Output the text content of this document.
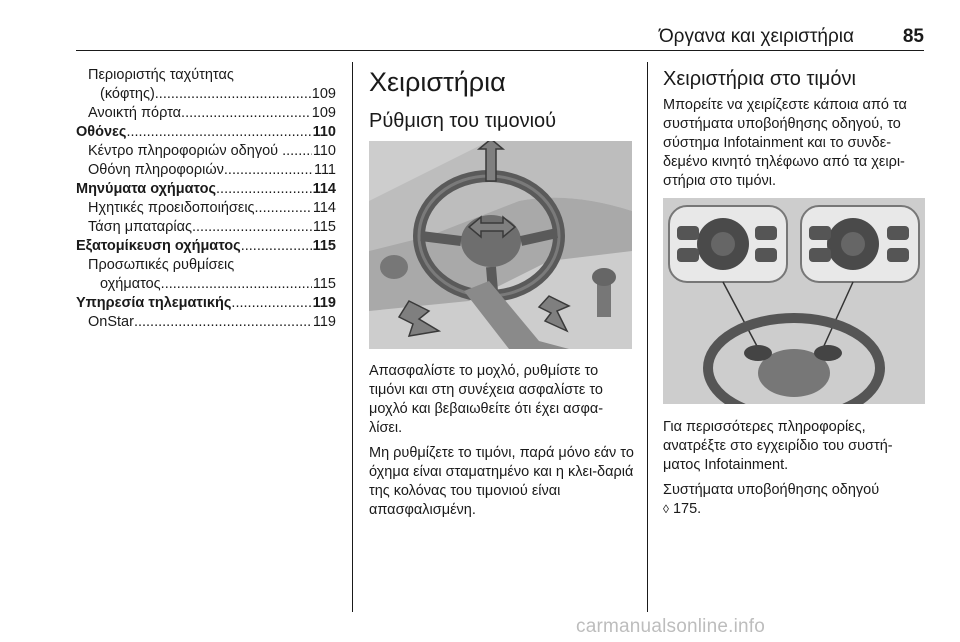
Όργανα και χειριστήρια	85
Περιοριστής ταχύτητας
(κόφτης) .....	109
Ανοικτή πόρτα .....	109
Οθόνες .....	110
Κέντρο πληροφοριών οδηγού . ..... 110
Οθόνη πληροφοριών .....	111
Μηνύματα οχήματος .....	114
Ηχητικές προειδοποιήσεις .....	114
Τάση μπαταρίας .....	115
Εξατομίκευση οχήματος .....	115
Προσωπικές ρυθμίσεις
οχήματος .....	115
Υπηρεσία τηλεματικής .....	119
OnStar .....	119
Χειριστήρια
Ρύθμιση του τιμονιού

Απασφαλίστε το μοχλό, ρυθμίστε το τιμόνι και στη συνέχεια ασφαλίστε το μοχλό και βεβαιωθείτε ότι έχει ασφα-λίσει.

Μη ρυθμίζετε το τιμόνι, παρά μόνο εάν το όχημα είναι σταματημένο και η κλει-δαριά της κολόνας του τιμονιού είναι απασφαλισμένη.

Χειριστήρια στο τιμόνι

Μπορείτε να χειρίζεστε κάποια από τα συστήματα υποβοήθησης οδηγού, το σύστημα Infotainment και το συνδε-δεμένο κινητό τηλέφωνο από τα χειρι-στήρια στο τιμόνι.

Για περισσότερες πληροφορίες, ανατρέξτε στο εγχειρίδιο του συστή-ματος Infotainment.

Συστήματα υποβοήθησης οδηγού

◊ 175.

carmanualsonline.info
